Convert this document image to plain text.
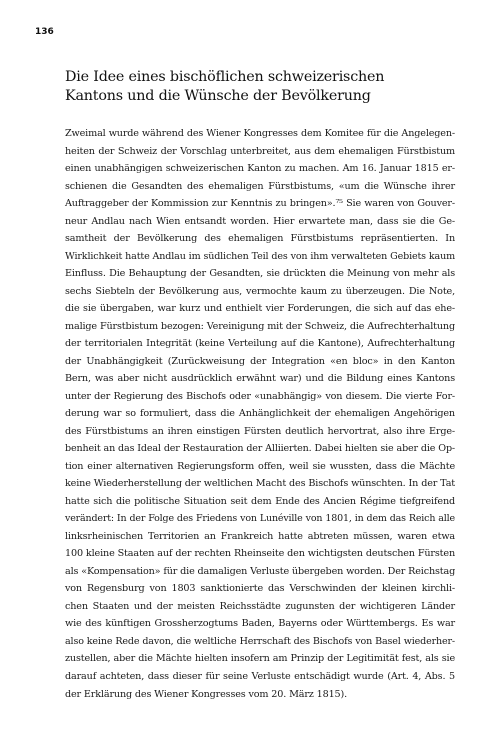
136
Die Idee eines bischöflichen schweizerischen
Kantons und die Wünsche der Bevölkerung
Zweimal wurde während des Wiener Kongresses dem Komitee für die Angelegen-
heiten der Schweiz der Vorschlag unterbreitet, aus dem ehemaligen Fürstbistum
einen unabhängigen schweizerischen Kanton zu machen. Am 16. Januar 1815 er-
schienen die Gesandten des ehemaligen Fürstbistums, «um die Wünsche ihrer
Auftraggeber der Kommission zur Kenntnis zu bringen».⁷⁵ Sie waren von Gouver-
neur Andlau nach Wien entsandt worden. Hier erwartete man, dass sie die Ge-
samtheit der Bevölkerung des ehemaligen Fürstbistums repräsentierten. In
Wirklichkeit hatte Andlau im südlichen Teil des von ihm verwalteten Gebiets kaum
Einfluss. Die Behauptung der Gesandten, sie drückten die Meinung von mehr als
sechs Siebteln der Bevölkerung aus, vermochte kaum zu überzeugen. Die Note,
die sie übergaben, war kurz und enthielt vier Forderungen, die sich auf das ehe-
malige Fürstbistum bezogen: Vereinigung mit der Schweiz, die Aufrechterhaltung
der territorialen Integrität (keine Verteilung auf die Kantone), Aufrechterhaltung
der Unabhängigkeit (Zurückweisung der Integration «en bloc» in den Kanton
Bern, was aber nicht ausdrücklich erwähnt war) und die Bildung eines Kantons
unter der Regierung des Bischofs oder «unabhängig» von diesem. Die vierte For-
derung war so formuliert, dass die Anhänglichkeit der ehemaligen Angehörigen
des Fürstbistums an ihren einstigen Fürsten deutlich hervortrat, also ihre Erge-
benheit an das Ideal der Restauration der Alliierten. Dabei hielten sie aber die Op-
tion einer alternativen Regierungsform offen, weil sie wussten, dass die Mächte
keine Wiederherstellung der weltlichen Macht des Bischofs wünschten. In der Tat
hatte sich die politische Situation seit dem Ende des Ancien Régime tiefgreifend
verändert: In der Folge des Friedens von Lunéville von 1801, in dem das Reich alle
linksrheinischen Territorien an Frankreich hatte abtreten müssen, waren etwa
100 kleine Staaten auf der rechten Rheinseite den wichtigsten deutschen Fürsten
als «Kompensation» für die damaligen Verluste übergeben worden. Der Reichstag
von Regensburg von 1803 sanktionierte das Verschwinden der kleinen kirchli-
chen Staaten und der meisten Reichsstädte zugunsten der wichtigeren Länder
wie des künftigen Grossherzogtums Baden, Bayerns oder Württembergs. Es war
also keine Rede davon, die weltliche Herrschaft des Bischofs von Basel wiederher-
zustellen, aber die Mächte hielten insofern am Prinzip der Legitimität fest, als sie
darauf achteten, dass dieser für seine Verluste entschädigt wurde (Art. 4, Abs. 5
der Erklärung des Wiener Kongresses vom 20. März 1815).
